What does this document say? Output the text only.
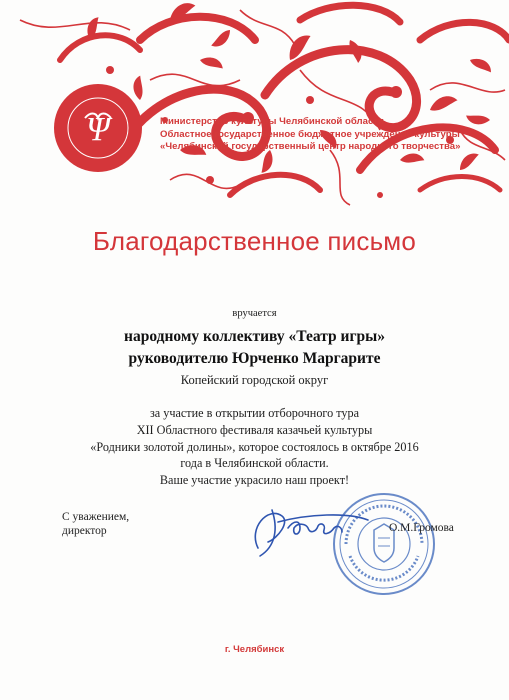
Ψ	Министерство культуры Челябинской области
Областное государственное бюджетное учреждение культуры
«Челябинский государственный центр народного творчества»
Благодарственное письмо
вручается
народному коллективу «Театр игры»
руководителю Юрченко Маргарите
Копейский городской округ
за участие в открытии отборочного тура
XII Областного фестиваля казачьей культуры
«Родники золотой долины», которое состоялось в октябре 2016
года в Челябинской области.
Ваше участие украсило наш проект!
С уважением,
директор	О.М.Громова
г. Челябинск
